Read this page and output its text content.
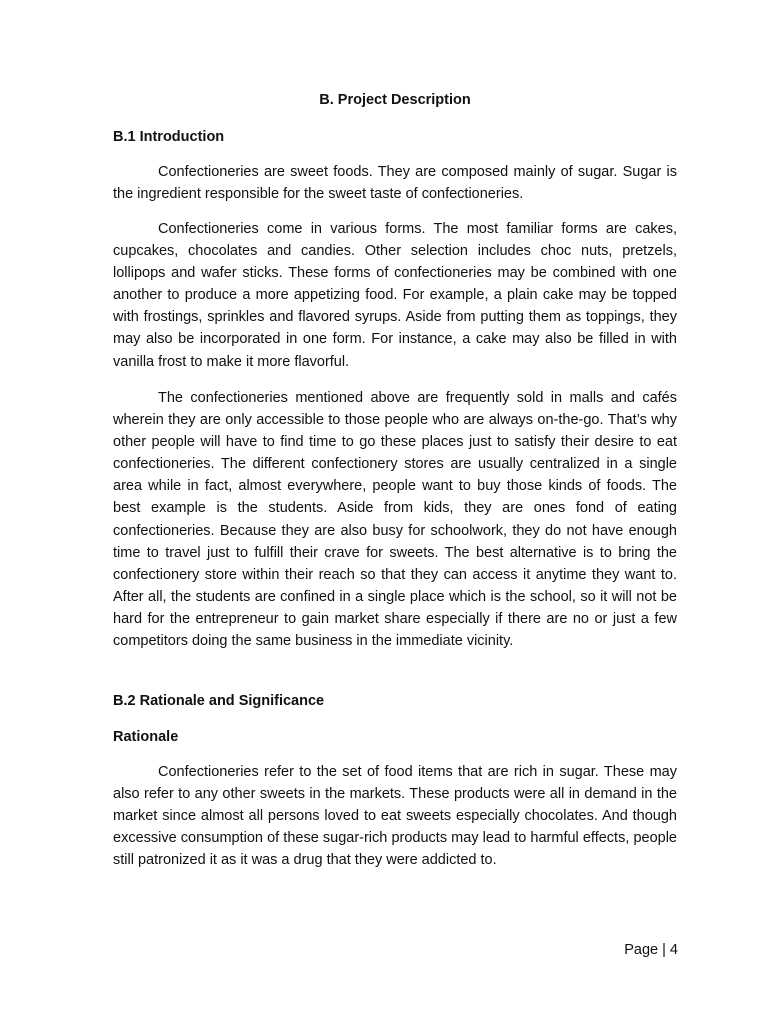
B. Project Description
B.1 Introduction

Confectioneries are sweet foods. They are composed mainly of sugar. Sugar is the ingredient responsible for the sweet taste of confectioneries.

Confectioneries come in various forms. The most familiar forms are cakes, cupcakes, chocolates and candies. Other selection includes choc nuts, pretzels, lollipops and wafer sticks. These forms of confectioneries may be combined with one another to produce a more appetizing food. For example, a plain cake may be topped with frostings, sprinkles and flavored syrups. Aside from putting them as toppings, they may also be incorporated in one form. For instance, a cake may also be filled in with vanilla frost to make it more flavorful.

The confectioneries mentioned above are frequently sold in malls and cafés wherein they are only accessible to those people who are always on-the-go. That’s why other people will have to find time to go these places just to satisfy their desire to eat confectioneries. The different confectionery stores are usually centralized in a single area while in fact, almost everywhere, people want to buy those kinds of foods. The best example is the students. Aside from kids, they are ones fond of eating confectioneries. Because they are also busy for schoolwork, they do not have enough time to travel just to fulfill their crave for sweets. The best alternative is to bring the confectionery store within their reach so that they can access it anytime they want to. After all, the students are confined in a single place which is the school, so it will not be hard for the entrepreneur to gain market share especially if there are no or just a few competitors doing the same business in the immediate vicinity.

B.2 Rationale and Significance
Rationale

Confectioneries refer to the set of food items that are rich in sugar. These may also refer to any other sweets in the markets. These products were all in demand in the market since almost all persons loved to eat sweets especially chocolates. And though excessive consumption of these sugar-rich products may lead to harmful effects, people still patronized it as it was a drug that they were addicted to.

Page | 4
